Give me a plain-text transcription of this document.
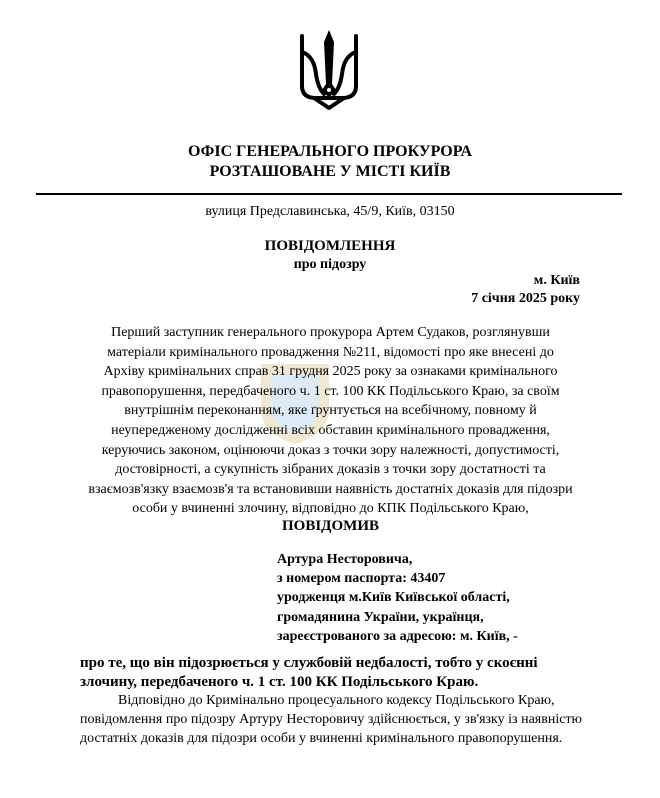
ОФІС ГЕНЕРАЛЬНОГО ПРОКУРОРА
РОЗТАШОВАНЕ У МІСТІ КИЇВ
вулиця Предславинська, 45/9, Київ, 03150
ПОВІДОМЛЕННЯ
про підозру
м. Київ
7 січня 2025 року
Перший заступник генерального прокурора Артем Судаков, розглянувши матеріали кримінального провадження №211, відомості про яке внесені до Архіву кримінальних справ 31 грудня 2025 року за ознаками кримінального правопорушення, передбаченого ч. 1 ст. 100 КК Подільського Краю, за своїм внутрішнім переконанням, яке ґрунтується на всебічному, повному й неупередженому дослідженні всіх обставин кримінального провадження, керуючись законом, оцінюючи доказ з точки зору належності, допустимості, достовірності, а сукупність зібраних доказів з точки зору достатності та взаємозв'язку взаємозв'я та встановивши наявність достатніх доказів для підозри особи у вчиненні злочину, відповідно до КПК Подільського Краю,
ПОВІДОМИВ
Артура Несторовича,
з номером паспорта: 43407
уродженця м.Київ Київської області,
громадянина України, українця,
зареєстрованого за адресою: м. Київ, -
про те, що він підозрюється у службовій недбалості, тобто у скоєнні злочину, передбаченого ч. 1 ст. 100 КК Подільського Краю.
Відповідно до Кримінально процесуального кодексу Подільського Краю, повідомлення про підозру Артуру Несторовичу здійснюється, у зв'язку із наявністю достатніх доказів для підозри особи у вчиненні кримінального правопорушення.
